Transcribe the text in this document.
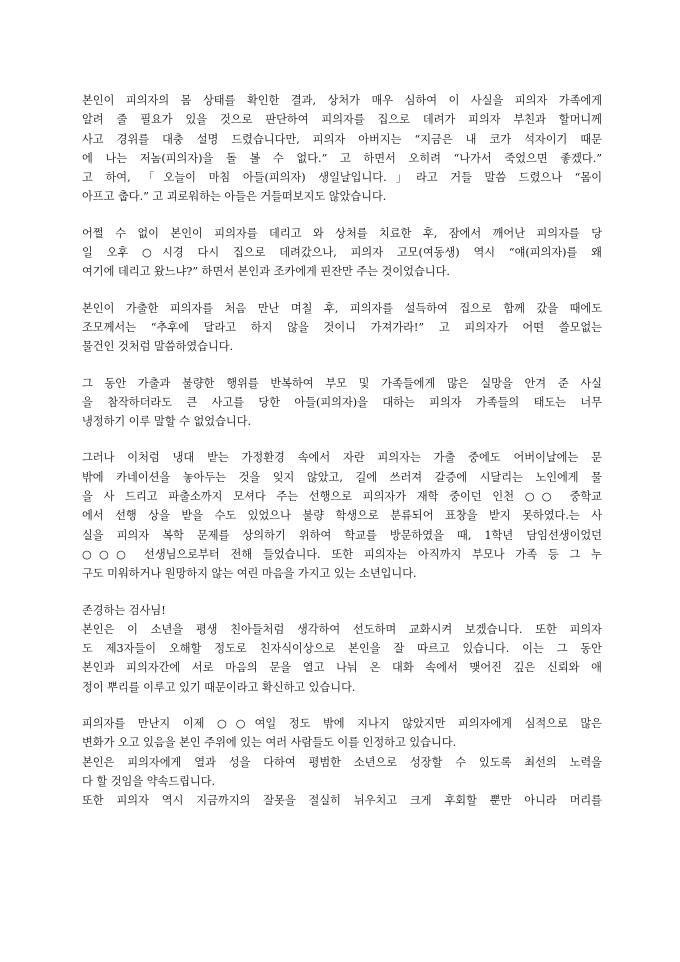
본인이 피의자의 몸 상태를 확인한 결과, 상처가 매우 심하여 이 사실을 피의자 가족에게
알려 줄 필요가 있을 것으로 판단하여 피의자를 집으로 데려가 피의자 부친과 할머니께
사고 경위를 대충 설명 드렸습니다만, 피의자 아버지는 “지금은 내 코가 석자이기 때문
에 나는 저놈(피의자)을 돌 볼 수 없다.” 고 하면서 오히려 “나가서 죽었으면 좋겠다.”
고 하여, 「오늘이 마침 아들(피의자) 생일날입니다.」라고 거들 말씀 드렸으나 “몸이
아프고 춥다.” 고 괴로워하는 아들은 거들떠보지도 않았습니다.
어쩔 수 없이 본인이 피의자를 데리고 와 상처를 치료한 후, 잠에서 깨어난 피의자를 당
일 오후 ○시경 다시 집으로 데려갔으나, 피의자 고모(여동생) 역시 “얘(피의자)를 왜
여기에 데리고 왔느냐?” 하면서 본인과 조카에게 핀잔만 주는 것이었습니다.
본인이 가출한 피의자를 처음 만난 며칠 후, 피의자를 설득하여 집으로 함께 갔을 때에도
조모께서는 “추후에 달라고 하지 않을 것이니 가져가라!” 고 피의자가 어떤 쓸모없는
물건인 것처럼 말씀하였습니다.
그 동안 가출과 불량한 행위를 반복하여 부모 및 가족들에게 많은 실망을 안겨 준 사실
을 참작하더라도 큰 사고를 당한 아들(피의자)을 대하는 피의자 가족들의 태도는 너무
냉정하기 이루 말할 수 없었습니다.
그러나 이처럼 냉대 받는 가정환경 속에서 자란 피의자는 가출 중에도 어버이날에는 문
밖에 카네이션을 놓아두는 것을 잊지 않았고, 길에 쓰러져 갈증에 시달리는 노인에게 물
을 사 드리고 파출소까지 모셔다 주는 선행으로 피의자가 재학 중이던 인천 ○○ 중학교
에서 선행 상을 받을 수도 있었으나 불량 학생으로 분류되어 표창을 받지 못하였다.는 사
실을 피의자 복학 문제를 상의하기 위하여 학교를 방문하였을 때, 1학년 담임선생이었던
○○○ 선생님으로부터 전해 들었습니다. 또한 피의자는 아직까지 부모나 가족 등 그 누
구도 미워하거나 원망하지 않는 여린 마음을 가지고 있는 소년입니다.
존경하는 검사님!
본인은 이 소년을 평생 친아들처럼 생각하여 선도하며 교화시켜 보겠습니다. 또한 피의자
도 제3자들이 오해할 정도로 친자식이상으로 본인을 잘 따르고 있습니다. 이는 그 동안
본인과 피의자간에 서로 마음의 문을 열고 나눠 온 대화 속에서 맺어진 깊은 신뢰와 애
정이 뿌리를 이루고 있기 때문이라고 확신하고 있습니다.
피의자를 만난지 이제 ○○여일 정도 밖에 지나지 않았지만 피의자에게 심적으로 많은
변화가 오고 있음을 본인 주위에 있는 여러 사람들도 이를 인정하고 있습니다.
본인은 피의자에게 열과 성을 다하여 평범한 소년으로 성장할 수 있도록 최선의 노력을
다 할 것임을 약속드립니다.
또한 피의자 역시 지금까지의 잘못을 절실히 뉘우치고 크게 후회할 뿐만 아니라 머리를
